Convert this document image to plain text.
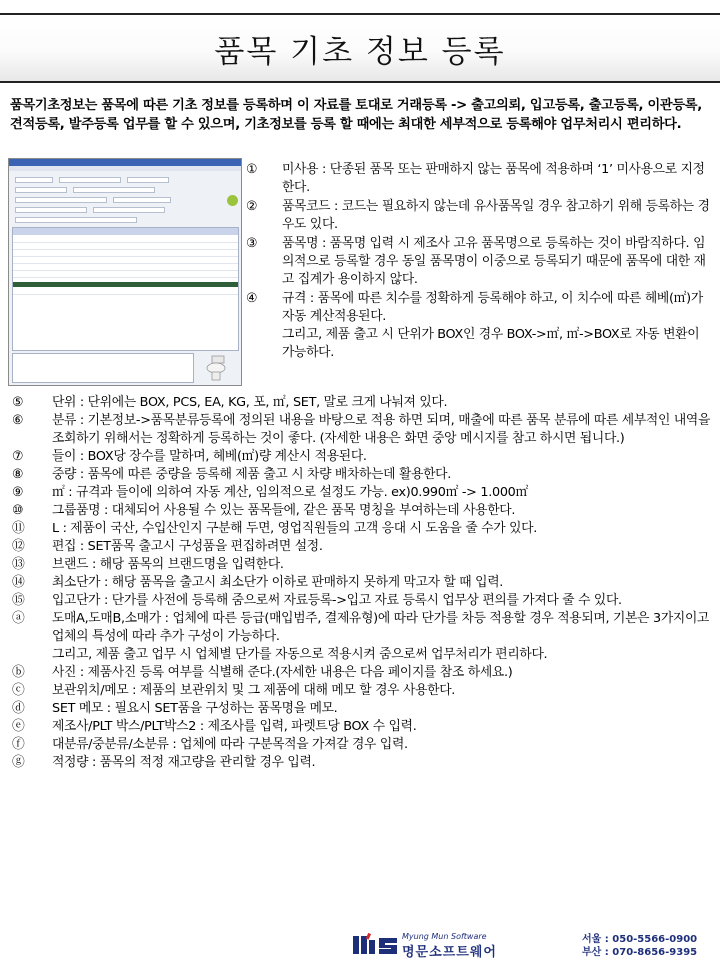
품목 기초 정보 등록
품목기초정보는 품목에 따른 기초 정보를 등록하며 이 자료를 토대로 거래등록 -> 출고의뢰, 입고등록, 출고등록, 이관등록, 견적등록, 발주등록 업무를 할 수 있으며, 기초정보를 등록 할 때에는 최대한 세부적으로 등록해야 업무처리시 편리하다.
① 미사용 : 단종된 품목 또는 판매하지 않는 품목에 적용하며 ‘1’ 미사용으로 지정한다.
② 품목코드 : 코드는 필요하지 않는데 유사품목일 경우 참고하기 위해 등록하는 경우도 있다.
③ 품목명 : 품목명 입력 시 제조사 고유 품목명으로 등록하는 것이 바람직하다. 임의적으로 등록할 경우 동일 품목명이 이중으로 등록되기 때문에 품목에 대한 재고 집계가 용이하지 않다.
④ 규격 : 품목에 따른 치수를 정확하게 등록해야 하고, 이 치수에 따른 헤베(㎡)가 자동 계산적용된다.
그리고, 제품 출고 시 단위가 BOX인 경우 BOX->㎡, ㎡->BOX로 자동 변환이 가능하다.
⑤ 단위 : 단위에는 BOX, PCS, EA, KG, 포, ㎡, SET, 말로 크게 나눠져 있다.
⑥ 분류 : 기본정보->품목분류등록에 정의된 내용을 바탕으로 적용 하면 되며, 매출에 따른 품목 분류에 따른 세부적인 내역을 조회하기 위해서는 정확하게 등록하는 것이 좋다. (자세한 내용은 화면 중앙 메시지를 참고 하시면 됩니다.)
⑦ 들이 : BOX당 장수를 말하며, 헤베(㎡)량 계산시 적용된다.
⑧ 중량 : 품목에 따른 중량을 등록해 제품 출고 시 차량 배차하는데 활용한다.
⑨ ㎡ : 규격과 들이에 의하여 자동 계산, 임의적으로 설정도 가능. ex)0.990㎡ -> 1.000㎡
⑩ 그룹품명 : 대체되어 사용될 수 있는 품목들에, 같은 품목 명칭을 부여하는데 사용한다.
⑪ L : 제품이 국산, 수입산인지 구분해 두면, 영업직원들의 고객 응대 시 도움을 줄 수가 있다.
⑫ 편집 : SET품목 출고시 구성품을 편집하려면 설정.
⑬ 브랜드 : 해당 품목의 브랜드명을 입력한다.
⑭ 최소단가 : 해당 품목을 출고시 최소단가 이하로 판매하지 못하게 막고자 할 때 입력.
⑮ 입고단가 : 단가를 사전에 등록해 줌으로써 자료등록->입고 자료 등록시 업무상 편의를 가져다 줄 수 있다.
ⓐ 도매A,도매B,소매가 : 업체에 따른 등급(매입범주, 결제유형)에 따라 단가를 차등 적용할 경우 적용되며, 기본은 3가지이고 업체의 특성에 따라 추가 구성이 가능하다.
그리고, 제품 출고 업무 시 업체별 단가를 자동으로 적용시켜 줌으로써 업무처리가 편리하다.
ⓑ 사진 : 제품사진 등록 여부를 식별해 준다.(자세한 내용은 다음 페이지를 참조 하세요.)
ⓒ 보관위치/메모 : 제품의 보관위치 및 그 제품에 대해 메모 할 경우 사용한다.
ⓓ SET 메모 : 필요시 SET품을 구성하는 품목명을 메모.
ⓔ 제조사/PLT 박스/PLT박스2 : 제조사를 입력, 파렛트당 BOX 수 입력.
ⓕ 대분류/중분류/소분류 : 업체에 따라 구분목적을 가져갈 경우 입력.
ⓖ 적정량 : 품목의 적정 재고량을 관리할 경우 입력.
Myung Mun Software
명문소프트웨어
서울 : 050-5566-0900
부산 : 070-8656-9395
